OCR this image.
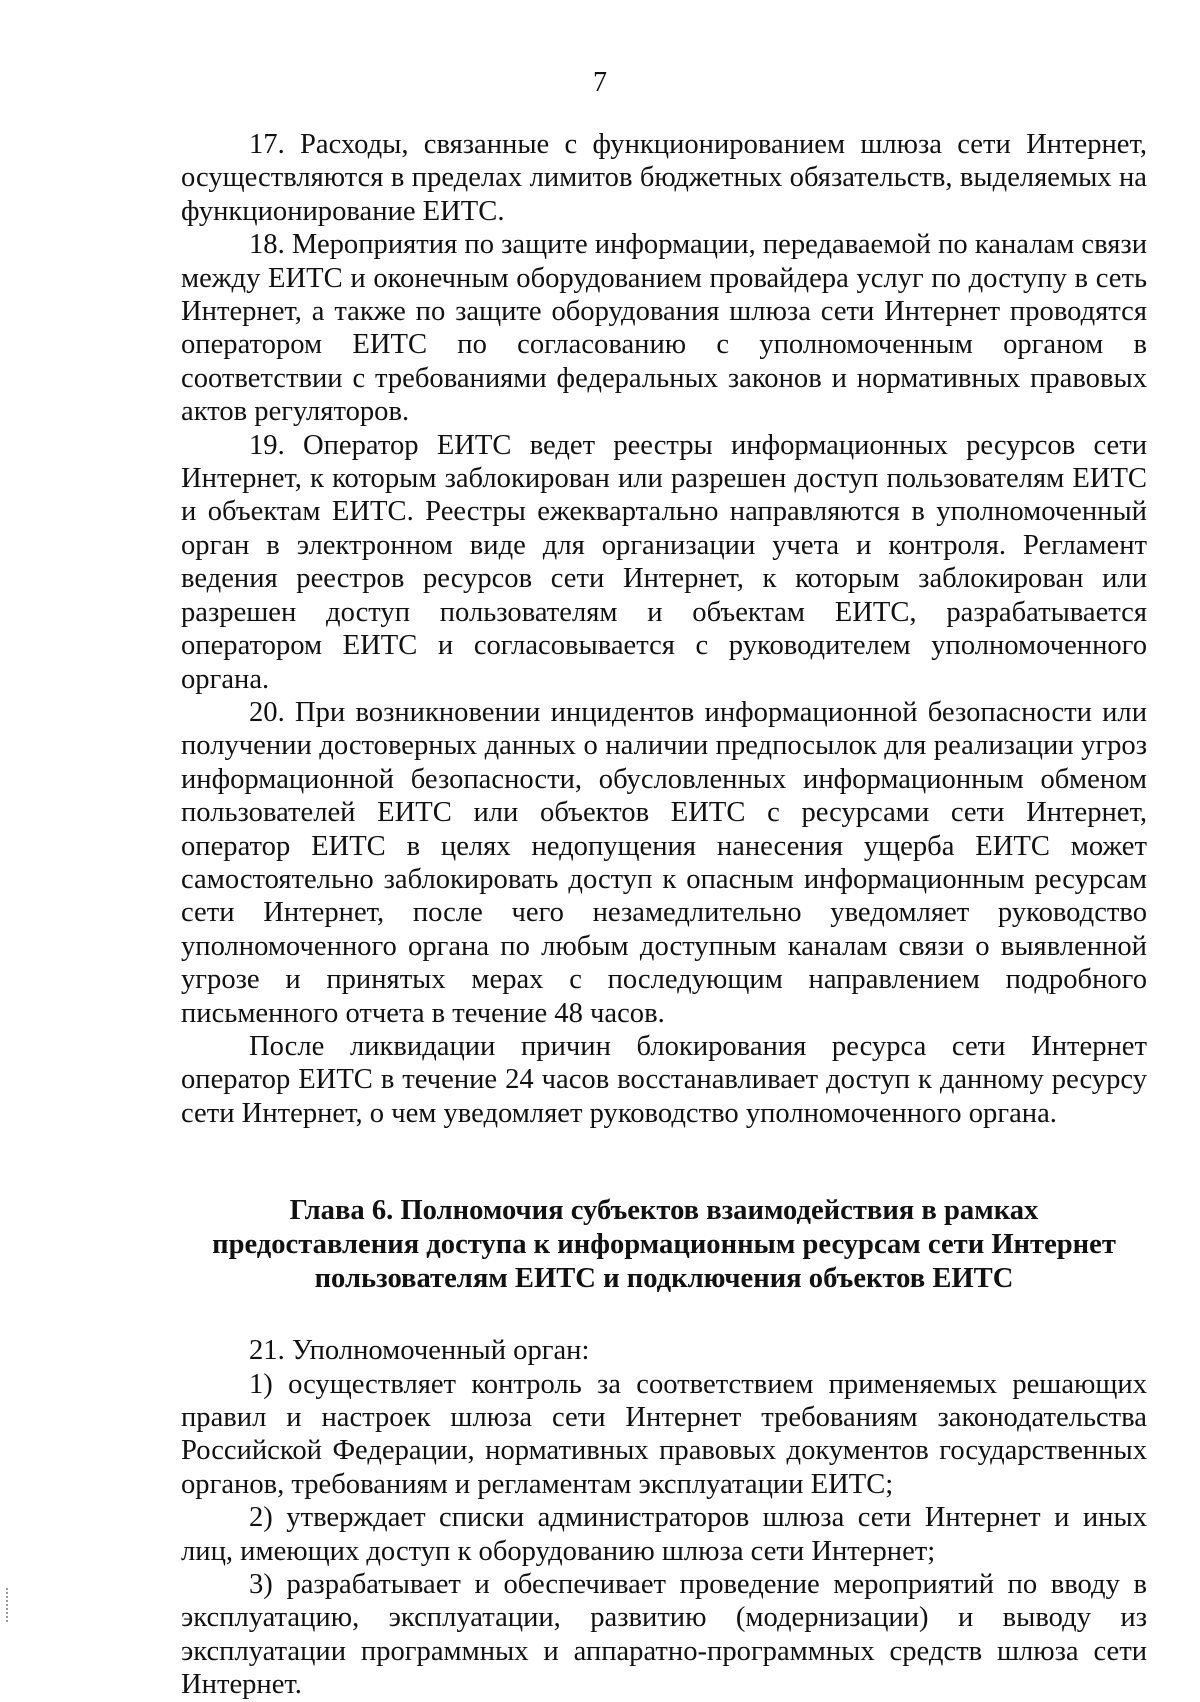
7

17. Расходы, связанные с функционированием шлюза сети Интернет, осуществляются в пределах лимитов бюджетных обязательств, выделяемых на функционирование ЕИТС.

18. Мероприятия по защите информации, передаваемой по каналам связи между ЕИТС и оконечным оборудованием провайдера услуг по доступу в сеть Интернет, а также по защите оборудования шлюза сети Интернет проводятся оператором ЕИТС по согласованию с уполномоченным органом в соответствии с требованиями федеральных законов и нормативных правовых актов регуляторов.

19. Оператор ЕИТС ведет реестры информационных ресурсов сети Интернет, к которым заблокирован или разрешен доступ пользователям ЕИТС и объектам ЕИТС. Реестры ежеквартально направляются в уполномоченный орган в электронном виде для организации учета и контроля. Регламент ведения реестров ресурсов сети Интернет, к которым заблокирован или разрешен доступ пользователям и объектам ЕИТС, разрабатывается оператором ЕИТС и согласовывается с руководителем уполномоченного органа.

20. При возникновении инцидентов информационной безопасности или получении достоверных данных о наличии предпосылок для реализации угроз информационной безопасности, обусловленных информационным обменом пользователей ЕИТС или объектов ЕИТС с ресурсами сети Интернет, оператор ЕИТС в целях недопущения нанесения ущерба ЕИТС может самостоятельно заблокировать доступ к опасным информационным ресурсам сети Интернет, после чего незамедлительно уведомляет руководство уполномоченного органа по любым доступным каналам связи о выявленной угрозе и принятых мерах с последующим направлением подробного письменного отчета в течение 48 часов.

После ликвидации причин блокирования ресурса сети Интернет оператор ЕИТС в течение 24 часов восстанавливает доступ к данному ресурсу сети Интернет, о чем уведомляет руководство уполномоченного органа.

Глава 6. Полномочия субъектов взаимодействия в рамках предоставления доступа к информационным ресурсам сети Интернет пользователям ЕИТС и подключения объектов ЕИТС

21. Уполномоченный орган:

1) осуществляет контроль за соответствием применяемых решающих правил и настроек шлюза сети Интернет требованиям законодательства Российской Федерации, нормативных правовых документов государственных органов, требованиям и регламентам эксплуатации ЕИТС;

2) утверждает списки администраторов шлюза сети Интернет и иных лиц, имеющих доступ к оборудованию шлюза сети Интернет;

3) разрабатывает и обеспечивает проведение мероприятий по вводу в эксплуатацию, эксплуатации, развитию (модернизации) и выводу из эксплуатации программных и аппаратно-программных средств шлюза сети Интернет.
